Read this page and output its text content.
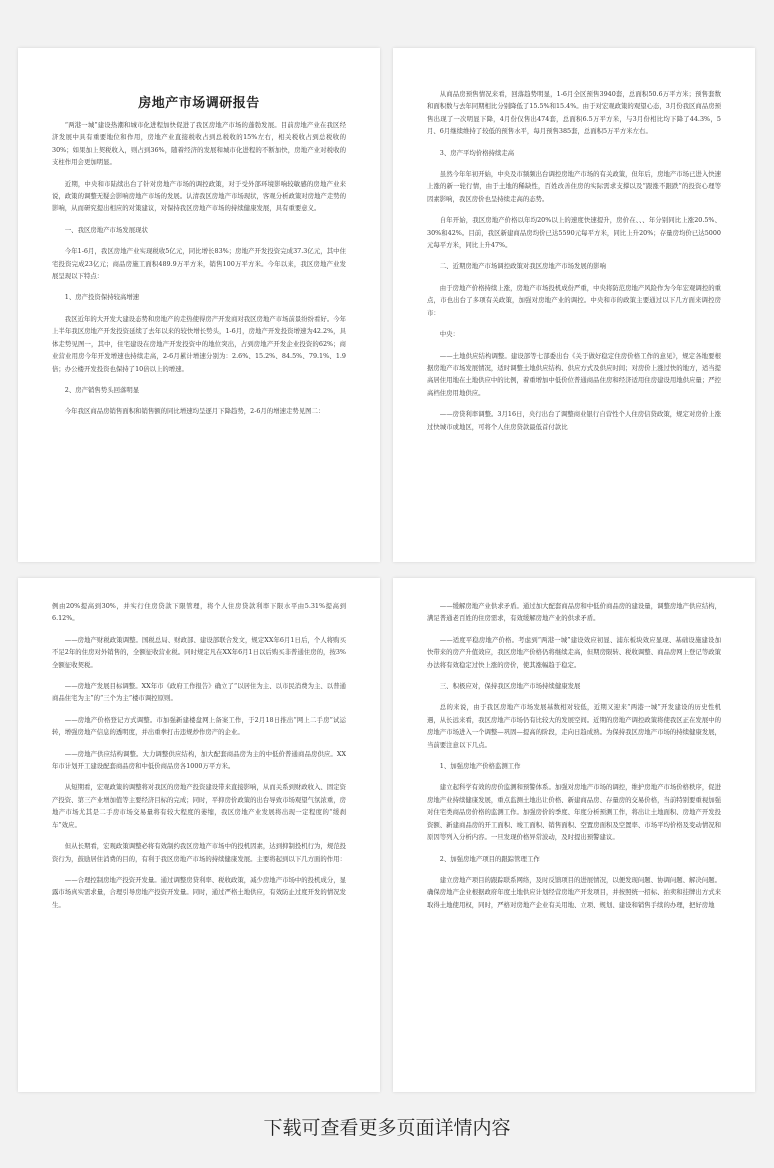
房地产市场调研报告

“两港一城”建设热潮和城市化进程加快促进了我区房地产市场的蓬勃发展。目前房地产业在我区经济发展中具有重要地位和作用，房地产业直接税收占到总税收的15%左右，相关税收占到总税收的30%；如果加上契税收入，则占到36%，随着经济的发展和城市化进程的不断加快，房地产业对税收的支柱作用会更加明显。

近期，中央和市陆续出台了针对房地产市场的调控政策，对于受外部环境影响较敏感的房地产业来说，政策的调整无疑会影响房地产市场的发展。认清我区房地产市场现状，客观分析政策对房地产走势的影响，从而研究提出相应的对策建议，对保持我区房地产市场的持续健康发展，具有重要意义。

一、我区房地产市场发展现状

今年1-6月，我区房地产业实现税收5亿元，同比增长83%；房地产开发投资完成37.3亿元，其中住宅投资完成23亿元；商品房施工面积489.9万平方米，销售100万平方米。今年以来，我区房地产业发展呈现以下特点：

1、房产投资保持较高增速

我区近年的大开发大建设态势和房地产的走热使得房产开发商对我区房地产市场前景纷纷看好。今年上半年我区房地产开发投资延续了去年以来的较快增长势头，1-6月，房地产开发投资增速为42.2%，具体走势见图一，其中，住宅建设在房地产开发投资中的地位突出，占到房地产开发企业投资的62%；商业营业用房今年开发增速也持续走高，2-6月累计增速分别为：2.6%、15.2%、84.5%、79.1%、1.9倍；办公楼开发投资也保持了10倍以上的增速。

2、房产销售势头回落明显

今年我区商品房销售面积和销售额的同比增速均呈逐月下降趋势，2-6月的增速走势见图二：

从商品房预售情况来看，回落趋势明显，1-6月全区预售3940套，总面积50.6万平方米；预售套数和面积数与去年同期相比分别降低了15.5%和15.4%。由于对宏观政策的观望心态，3月份我区商品房预售出现了一次明显下降，4月份仅售出474套，总面积6.5万平方米，与3月份相比均下降了44.3%，5月、6月继续维持了较低的预售水平，每月预售385套，总面积5万平方米左右。

3、房产平均价格持续走高

虽然今年年初开始，中央及市频频出台调控房地产市场的有关政策，但年后，房地产市场已进入快速上涨的新一轮行情，由于土地的稀缺性，百姓改善住房的实际需求支撑以及“跟涨不跟跌”的投资心理等因素影响，我区房价也呈持续走高的态势。

自年开始，我区房地产价格以年均20%以上的速度快速提升，房价在、、、年分别同比上涨20.5%、30%和42%。目前，我区新建商品房均价已达5590元每平方米，同比上升20%；存量房均价已达5000元每平方米，同比上升47%。

二、近期房地产市场调控政策对我区房地产市场发展的影响

由于房地产价格持续上涨，房地产市场投机成份严重，中央将防范房地产风险作为今年宏观调控的重点，市也出台了多项有关政策，加强对房地产业的调控。中央和市的政策主要通过以下几方面来调控房市：

中央：

——土地供应结构调整。建设部等七部委出台《关于做好稳定住房价格工作的意见》，规定各地要根据房地产市场发展情况，适时调整土地供应结构、供应方式及供应时间；对房价上涨过快的地方，适当提高居住用地在土地供应中的比例，着重增加中低价位普通商品住房和经济适用住房建设用地供应量；严控高档住房用地供应。

——房贷利率调整。3月16日，央行出台了调整商业银行自营性个人住房信贷政策，规定对房价上涨过快城市或地区，可将个人住房贷款最低首付款比

例由20%提高到30%，并实行住房贷款下限管理，将个人住房贷款利率下限水平由5.31%提高到6.12%。

——房地产财税政策调整。国税总局、财政部、建设部联合发文，规定XX年6月1日后，个人将购买不足2年的住房对外销售的，全额征收营业税。同时规定凡在XX年6月1日以后购买非普通住房的，按3%全额征收契税。

——房地产发展目标调整。XX年市《政府工作报告》确立了“以居住为主、以市民消费为主、以普通商品住宅为主”的“三个为主”楼市调控原则。

——房地产价格登记方式调整。市加强新建楼盘网上备案工作，于2月18日推出“网上二手房”试运转，增强房地产信息的透明度，并出重拳打击违规炒作房产的企业。

——房地产供应结构调整。大力调整供应结构，加大配套商品房为主的中低价普通商品房供应。XX年市计划开工建设配套商品房和中低价商品房各1000万平方米。

从短期看，宏观政策的调整将对我区的房地产投资建设带来直接影响，从而关系到财政收入、固定资产投资、第三产业增加值等主要经济目标的完成；同时，平抑房价政策的出台导致市场观望气氛浓重，房地产市场尤其是二手房市场交易量将有较大程度的萎缩，我区房地产业发展将出现一定程度的“缓刹车”效应。

但从长期看，宏观政策调整必将有效制约我区房地产市场中的投机因素，达到抑制投机行为，规范投资行为，鼓励居住消费的目的，有利于我区房地产市场的持续健康发展。主要将起到以下几方面的作用：

——合理控制房地产投资开发量。通过调整房贷利率、税收政策，减少房地产市场中的投机成分，显露市场真实需求量，合理引导房地产投资开发量。同时，通过严格土地供应，有效防止过度开发的情况发生。

——缓解房地产业供求矛盾。通过加大配套商品房和中低价商品房的建设量，调整房地产供应结构，满足普通老百姓的住房需求，有效缓解房地产业的供求矛盾。

——适度平稳房地产价格。考虑到“两港一城”建设效应初显、浦东板块效应显现、基础设施建设加快带来的房产升值效应，我区房地产价格仍将继续走高，但期房限转、税收调整、商品房网上登记等政策办法将有效稳定过快上涨的房价，使其涨幅趋于稳定。

三、积极应对，保持我区房地产市场持续健康发展

总的来说，由于我区房地产市场发展基数相对较低，近期又迎来“两港一城”开发建设的历史性机遇，从长远来看，我区房地产市场仍有比较大的发展空间。近期的房地产调控政策将使我区正在发展中的房地产市场进入一个调整—巩固—提高的阶段，走向日趋成熟。为保持我区房地产市场的持续健康发展，当前要注意以下几点。

1、加强房地产价格监测工作

建立起科学有效的房价监测和预警体系。加强对房地产市场的调控，维护房地产市场价格秩序，促进房地产业持续健康发展，重点监测土地出让价格、新建商品房、存量房的交易价格，当前特别要重视加强对住宅类商品房价格的监测工作。加强房价的季度、年度分析预测工作，将出让土地面积、房地产开发投资额、新建商品房的开工面积、竣工面积、销售面积、空置房面积及空置率、市场平均价格及变动情况和原因等列入分析内容。一旦发现价格异常波动，及时提出预警建议。

2、加强房地产项目的跟踪管理工作

建立房地产项目的跟踪联系网络，及时反馈项目的进展情况，以便发现问题、协调问题、解决问题。确保房地产企业根据政府年度土地供应计划经营房地产开发项目，并按照统一招标、拍卖和挂牌出方式来取得土地使用权，同时，严格对房地产企业有关用地、立项、规划、建设和销售手续的办理，把好房地

下载可查看更多页面详情内容
